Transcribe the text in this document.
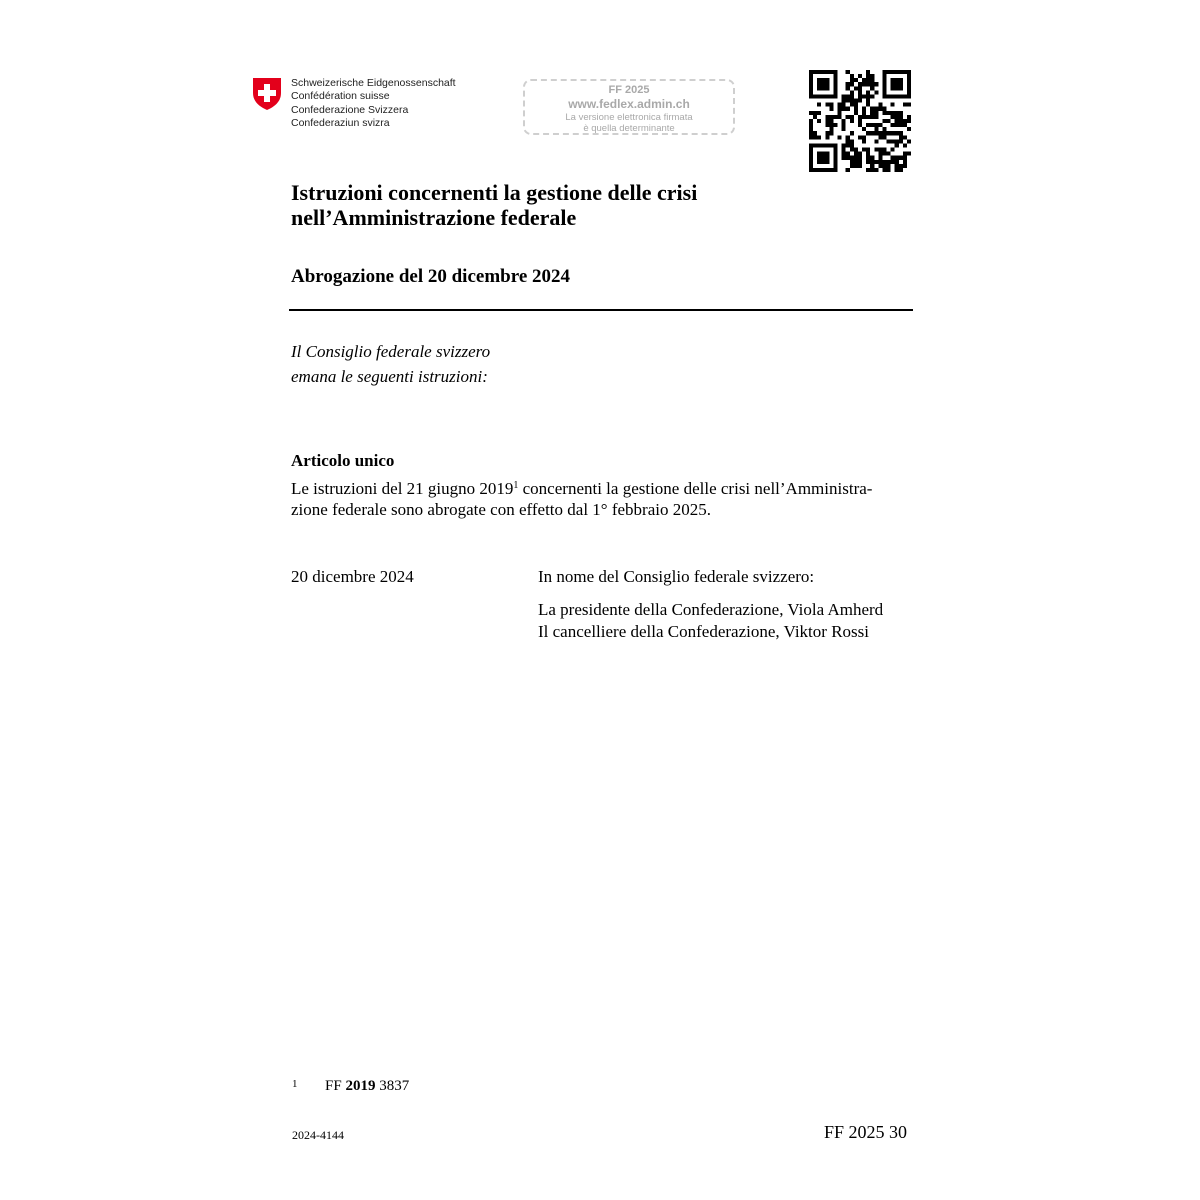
Schweizerische Eidgenossenschaft
Confédération suisse
Confederazione Svizzera
Confederaziun svizra
FF 2025
www.fedlex.admin.ch
La versione elettronica firmata
è quella determinante
Istruzioni concernenti la gestione delle crisi
nell’Amministrazione federale
Abrogazione del 20 dicembre 2024
Il Consiglio federale svizzero
emana le seguenti istruzioni:
Articolo unico
Le istruzioni del 21 giugno 2019$^1$ concernenti la gestione delle crisi nell’Amministra-
zione federale sono abrogate con effetto dal 1° febbraio 2025.
20 dicembre 2024	In nome del Consiglio federale svizzero:
La presidente della Confederazione, Viola Amherd
Il cancelliere della Confederazione, Viktor Rossi
1 FF 2019 3837
2024-4144	FF 2025 30
